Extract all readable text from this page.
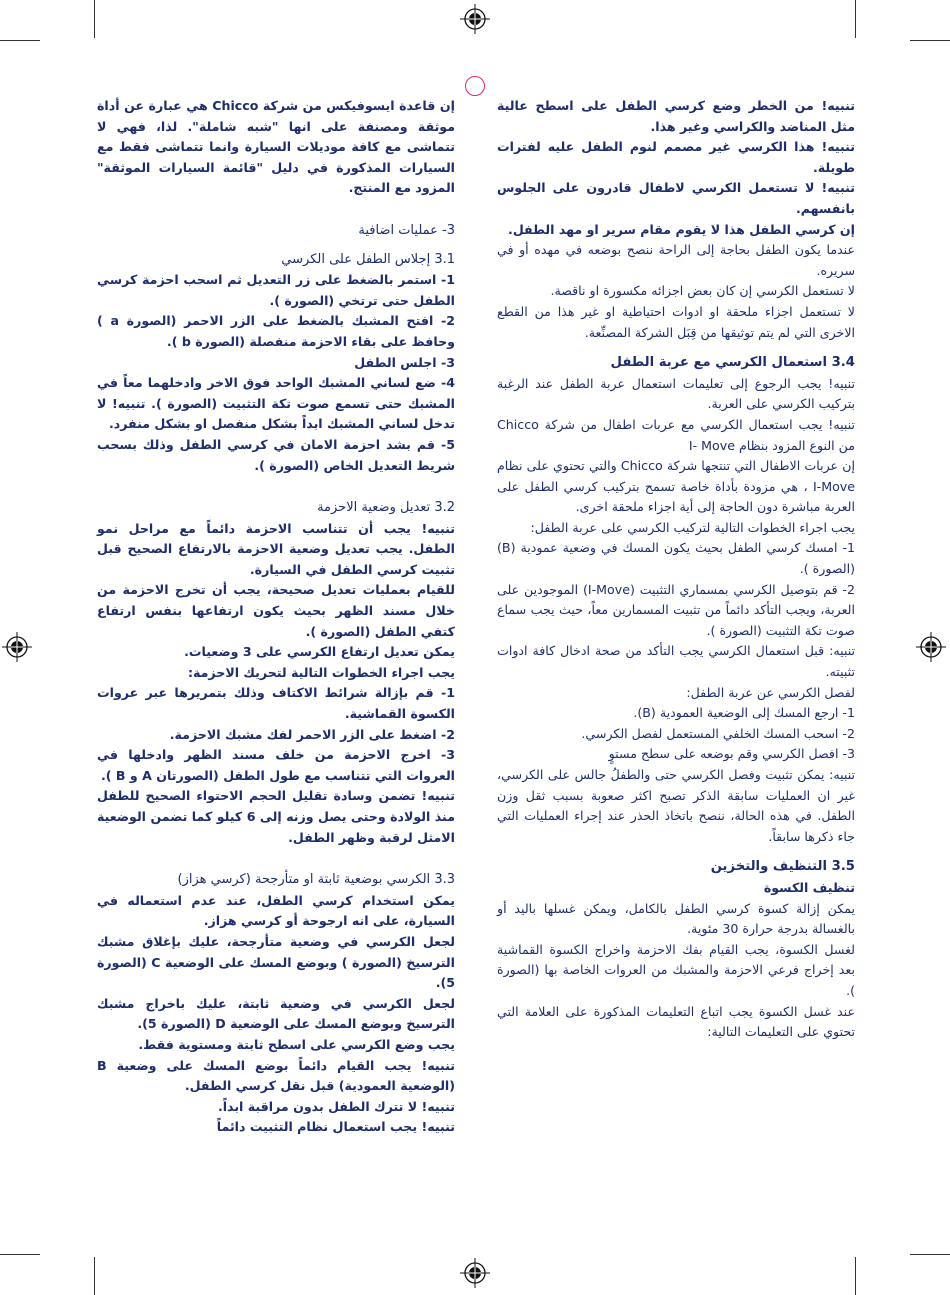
تنبيه! من الخطر وضع كرسي الطفل على اسطح عالية مثل المناضد والكراسي وغير هذا.

تنبيه! هذا الكرسي غير مصمم لنوم الطفل عليه لفترات طويلة.

تنبيه! لا تستعمل الكرسي لاطفال قادرون على الجلوس بانفسهم.

إن كرسي الطفل هذا لا يقوم مقام سرير او مهد الطفل.

عندما يكون الطفل بحاجة إلى الراحة ننصح بوضعه في مهده أو في سريره.

لا تستعمل الكرسي إن كان بعض اجزائه مكسورة او ناقصة.

لا تستعمل اجزاء ملحقة او ادوات احتياطية او غير هذا من القطع الاخرى التي لم يتم توثيقها من قِبَل الشركة المصنِّعة.

3.4 استعمال الكرسي مع عربة الطفل

تنبيه! يجب الرجوع إلى تعليمات استعمال عربة الطفل عند الرغبة بتركيب الكرسي على العربة.

تنبيه! يجب استعمال الكرسي مع عربات اطفال من شركة Chicco من النوع المزود بنظام I- Move

إن عربات الاطفال التي تنتجها شركة Chicco والتي تحتوي على نظام I-Move ، هي مزودة بأداة خاصة تسمح بتركيب كرسي الطفل على العربة مباشرة دون الحاجة إلى أية اجزاء ملحقة اخرى.

يجب اجراء الخطوات التالية لتركيب الكرسي على عربة الطفل:

1- امسك كرسي الطفل بحيث يكون المسك في وضعية عمودية (B) (الصورة ).

2- قم بتوصيل الكرسي بمسماري التثبيت (I-Move) الموجودين على العربة، ويجب التأكد دائماً من تثبيت المسمارين معاً، حيث يجب سماع صوت تكة التثبيت (الصورة ).

تنبيه: قبل استعمال الكرسي يجب التأكد من صحة ادخال كافة ادوات تثبيته.

لفصل الكرسي عن عربة الطفل:

1- ارجع المسك إلى الوضعية العمودية (B).

2- اسحب المسك الخلفي المستعمل لفصل الكرسي.

3- افصل الكرسي وقم بوضعه على سطح مستوٍ

تنبيه: يمكن تثبيت وفصل الكرسي حتى والطفلُ جالس على الكرسي، غير ان العمليات سابقة الذكر تصبح اكثر صعوبة بسبب ثقل وزن الطفل. في هذه الحالة، ننصح باتخاذ الحذر عند إجراء العمليات التي جاء ذكرها سابقاً.

3.5 التنظيف والتخزين

تنظيف الكسوة

يمكن إزالة كسوة كرسي الطفل بالكامل، ويمكن غسلها باليد أو بالغسالة بدرجة حرارة 30 مئوية.

لغسل الكسوة، يجب القيام بفك الاحزمة واخراج الكسوة القماشية بعد إخراج فرعي الاحزمة والمشبك من العروات الخاصة بها (الصورة ).

عند غسل الكسوة يجب اتباع التعليمات المذكورة على العلامة التي تحتوي على التعليمات التالية:

إن قاعدة ايسوفيكس من شركة Chicco هي عبارة عن أداة موثقة ومصنفة على انها "شبه شاملة". لذا، فهي لا تتماشى مع كافة موديلات السيارة وانما تتماشى فقط مع السيارات المذكورة في دليل "قائمة السيارات الموثقة" المزود مع المنتج.

3- عمليات اضافية

3.1 إجلاس الطفل على الكرسي

1- استمر بالضغط على زر التعديل ثم اسحب احزمة كرسي الطفل حتى ترتخي (الصورة ).

2- افتح المشبك بالضغط على الزر الاحمر (الصورة a ) وحافظ على بقاء الاحزمة منفصلة (الصورة b ).

3- اجلس الطفل

4- ضع لساني المشبك الواحد فوق الاخر وادخلهما معاً في المشبك حتى تسمع صوت تكة التثبيت (الصورة ). تنبيه! لا تدخل لساني المشبك ابداً بشكل منفصل او بشكل منفرد.

5- قم بشد احزمة الامان في كرسي الطفل وذلك بسحب شريط التعديل الخاص (الصورة ).

3.2 تعديل وضعية الاحزمة

تنبيه! يجب أن تتناسب الاحزمة دائماً مع مراحل نمو الطفل. يجب تعديل وضعية الاحزمة بالارتفاع الصحيح قبل تثبيت كرسي الطفل في السيارة.

للقيام بعمليات تعديل صحيحة، يجب أن تخرج الاحزمة من خلال مسند الظهر بحيث يكون ارتفاعها بنفس ارتفاع كتفي الطفل (الصورة ).

يمكن تعديل ارتفاع الكرسي على 3 وضعيات.

يجب اجراء الخطوات التالية لتحريك الاحزمة:

1- قم بإزالة شرائط الاكتاف وذلك بتمريرها عبر عروات الكسوة القماشية.

2- اضغط على الزر الاحمر لفك مشبك الاحزمة.

3- اخرج الاحزمة من خلف مسند الظهر وادخلها في العروات التي تتناسب مع طول الطفل (الصورتان A و B ).

تنبيه! تضمن وسادة تقليل الحجم الاحتواء الصحيح للطفل منذ الولادة وحتى يصل وزنه إلى 6 كيلو كما تضمن الوضعية الامثل لرقبة وظهر الطفل.

3.3 الكرسي بوضعية ثابتة او متأرجحة (كرسي هزاز)

يمكن استخدام كرسي الطفل، عند عدم استعماله في السيارة، على انه ارجوحة أو كرسي هزاز.

لجعل الكرسي في وضعية متأرجحة، عليك بإغلاق مشبك الترسيخ (الصورة ) وبوضع المسك على الوضعية C (الصورة 5).

لجعل الكرسي في وضعية ثابتة، عليك باخراج مشبك الترسيخ وبوضع المسك على الوضعية D (الصورة 5).

يجب وضع الكرسي على اسطح ثابتة ومستوية فقط.

تنبيه! يجب القيام دائماً بوضع المسك على وضعية B (الوضعية العمودية) قبل نقل كرسي الطفل.

تنبيه! لا تترك الطفل بدون مراقبة ابداً.

تنبيه! يجب استعمال نظام التثبيت دائماً
